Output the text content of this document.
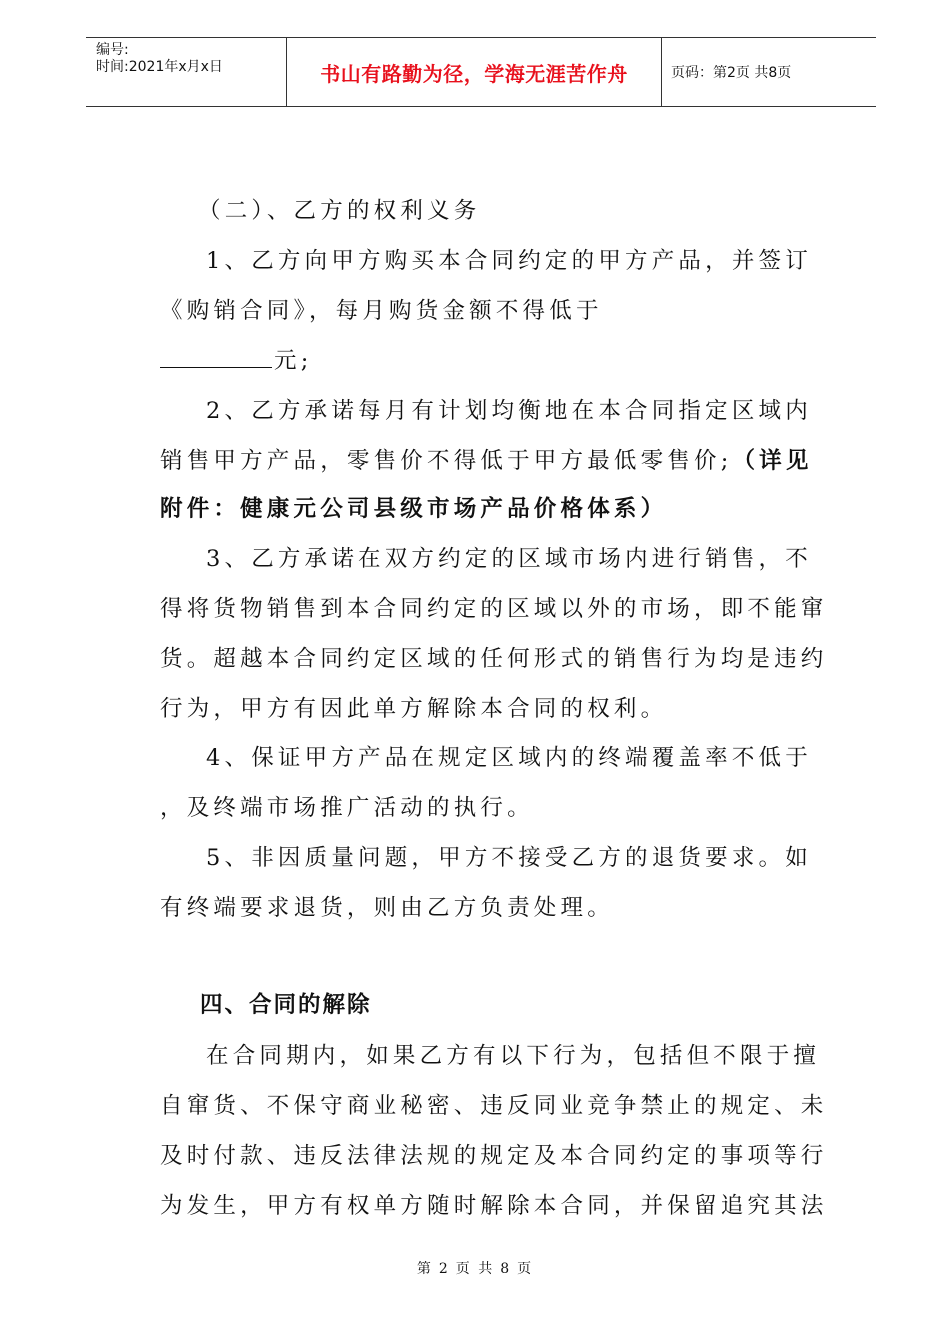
编号:
时间:2021年x月x日	书山有路勤为径，学海无涯苦作舟	页码：第2页 共8页
（二）、乙方的权利义务
1、乙方向甲方购买本合同约定的甲方产品，并签订
《购销合同》，每月购货金额不得低于
元;
2、乙方承诺每月有计划均衡地在本合同指定区域内
销售甲方产品，零售价不得低于甲方最低零售价;（详见
附件：健康元公司县级市场产品价格体系）
3、乙方承诺在双方约定的区域市场内进行销售，不
得将货物销售到本合同约定的区域以外的市场，即不能窜
货。超越本合同约定区域的任何形式的销售行为均是违约
行为，甲方有因此单方解除本合同的权利。
4、保证甲方产品在规定区域内的终端覆盖率不低于
，及终端市场推广活动的执行。
5、非因质量问题，甲方不接受乙方的退货要求。如
有终端要求退货，则由乙方负责处理。
四、合同的解除
在合同期内，如果乙方有以下行为，包括但不限于擅
自窜货、不保守商业秘密、违反同业竞争禁止的规定、未
及时付款、违反法律法规的规定及本合同约定的事项等行
为发生，甲方有权单方随时解除本合同，并保留追究其法
第 2 页 共 8 页
